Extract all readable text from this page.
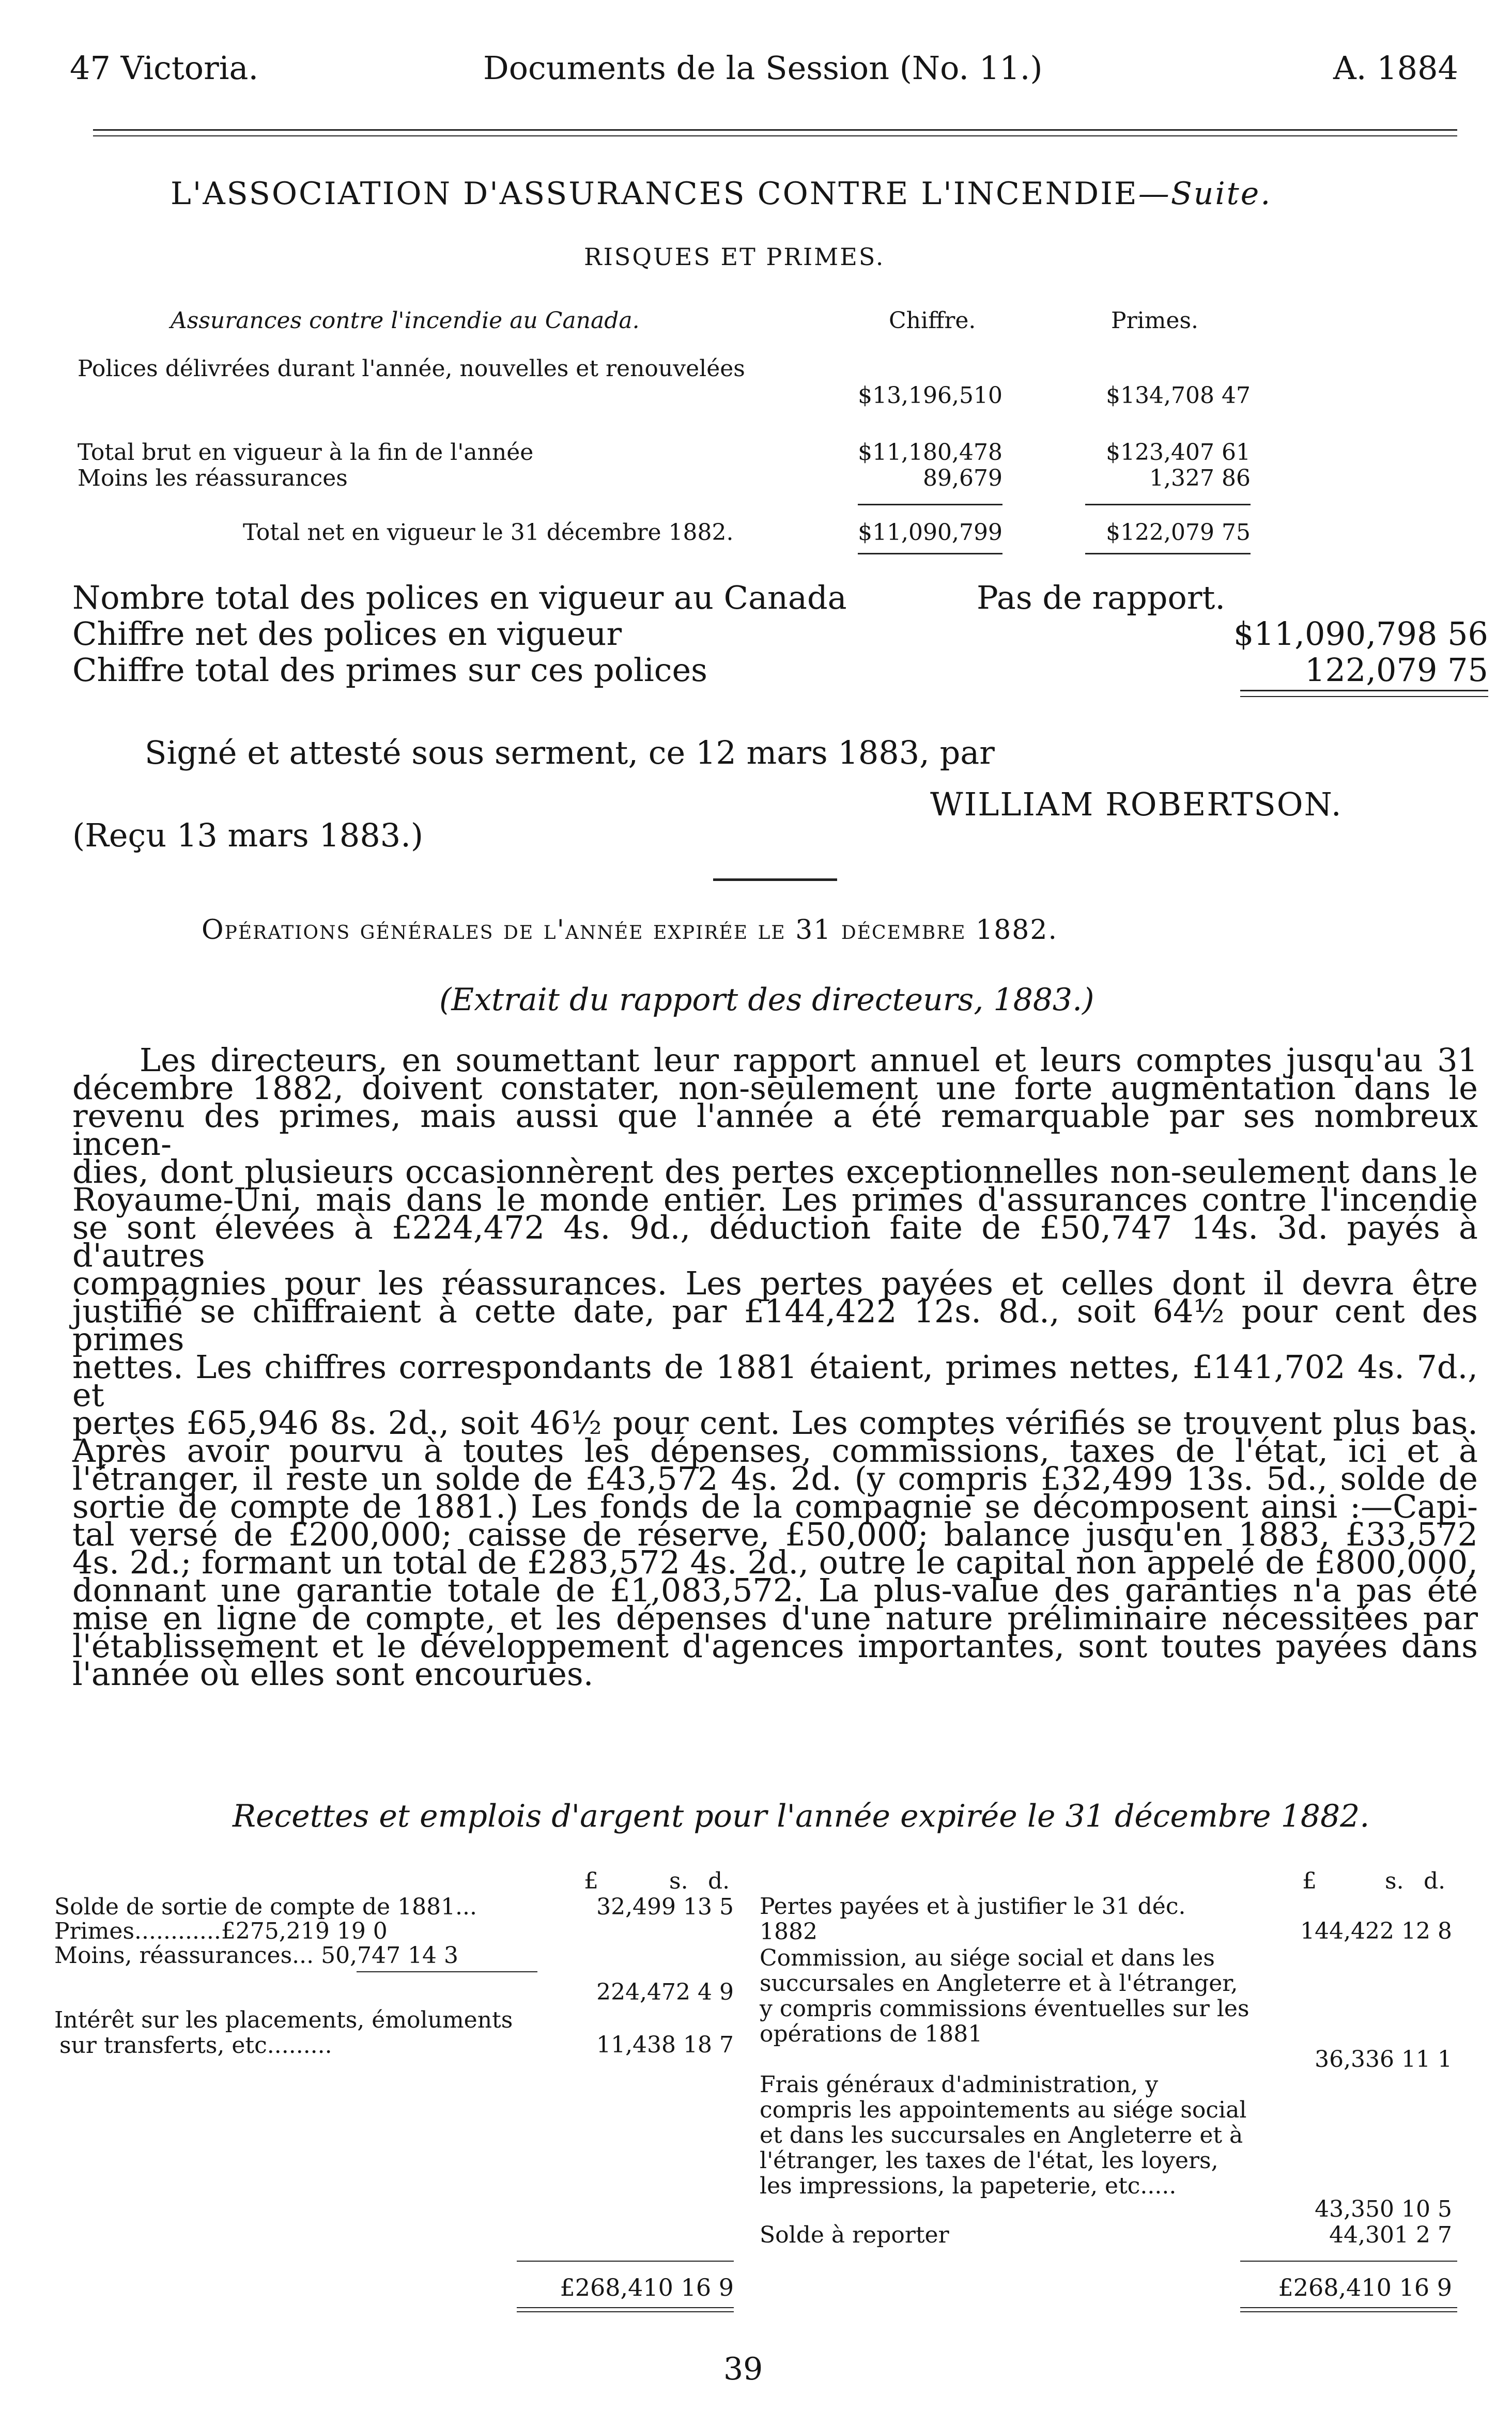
47 Victoria.	Documents de la Session (No. 11.)	A. 1884
L'ASSOCIATION D'ASSURANCES CONTRE L'INCENDIE—Suite.
RISQUES ET PRIMES.
Assurances contre l'incendie au Canada.	Chiffre.	Primes.
Polices délivrées durant l'année, nouvelles et renouvelées
$13,196,510	$134,708 47
Total brut en vigueur à la fin de l'année	$11,180,478	$123,407 61
Moins les réassurances	89,679	1,327 86
Total net en vigueur le 31 décembre 1882.	$11,090,799	$122,079 75
Nombre total des polices en vigueur au Canada	Pas de rapport.
Chiffre net des polices en vigueur	$11,090,798 56
Chiffre total des primes sur ces polices	122,079 75
Signé et attesté sous serment, ce 12 mars 1883, par
WILLIAM ROBERTSON.
(Reçu 13 mars 1883.)
Opérations générales de l'année expirée le 31 décembre 1882.
(Extrait du rapport des directeurs, 1883.)
Les directeurs, en soumettant leur rapport annuel et leurs comptes jusqu'au 31
décembre 1882, doivent constater, non-seulement une forte augmentation dans le
revenu des primes, mais aussi que l'année a été remarquable par ses nombreux incen-
dies, dont plusieurs occasionnèrent des pertes exceptionnelles non-seulement dans le
Royaume-Uni, mais dans le monde entier. Les primes d'assurances contre l'incendie
se sont élevées à £224,472 4s. 9d., déduction faite de £50,747 14s. 3d. payés à d'autres
compagnies pour les réassurances. Les pertes payées et celles dont il devra être
justifié se chiffraient à cette date, par £144,422 12s. 8d., soit 64½ pour cent des primes
nettes. Les chiffres correspondants de 1881 étaient, primes nettes, £141,702 4s. 7d., et
pertes £65,946 8s. 2d., soit 46½ pour cent. Les comptes vérifiés se trouvent plus bas.
Après avoir pourvu à toutes les dépenses, commissions, taxes de l'état, ici et à
l'étranger, il reste un solde de £43,572 4s. 2d. (y compris £32,499 13s. 5d., solde de
sortie de compte de 1881.) Les fonds de la compagnie se décomposent ainsi :—Capi-
tal versé de £200,000; caisse de réserve, £50,000; balance jusqu'en 1883, £33,572
4s. 2d.; formant un total de £283,572 4s. 2d., outre le capital non appelé de £800,000,
donnant une garantie totale de £1,083,572. La plus-value des garanties n'a pas été
mise en ligne de compte, et les dépenses d'une nature préliminaire nécessitées par
l'établissement et le développement d'agences importantes, sont toutes payées dans
l'année où elles sont encourues.
Recettes et emplois d'argent pour l'année expirée le 31 décembre 1882.
£	s. d.	£	s. d.
Solde de sortie de compte de 1881...	32,499 13 5
Primes............£275,219 19 0
Moins, réassurances... 50,747 14 3
224,472 4 9
Intérêt sur les placements, émoluments sur transferts, etc.........	11,438 18 7
Pertes payées et à justifier le 31 déc. 1882	144,422 12 8
Commission, au siége social et dans les succursales en Angleterre et à l'étranger, y compris commissions éventuelles sur les opérations de 1881
36,336 11 1
Frais généraux d'administration, y compris les appointements au siége social et dans les succursales en Angleterre et à l'étranger, les taxes de l'état, les loyers, les impressions, la papeterie, etc.....
43,350 10 5
Solde à reporter	44,301 2 7
£268,410 16 9	£268,410 16 9
39
